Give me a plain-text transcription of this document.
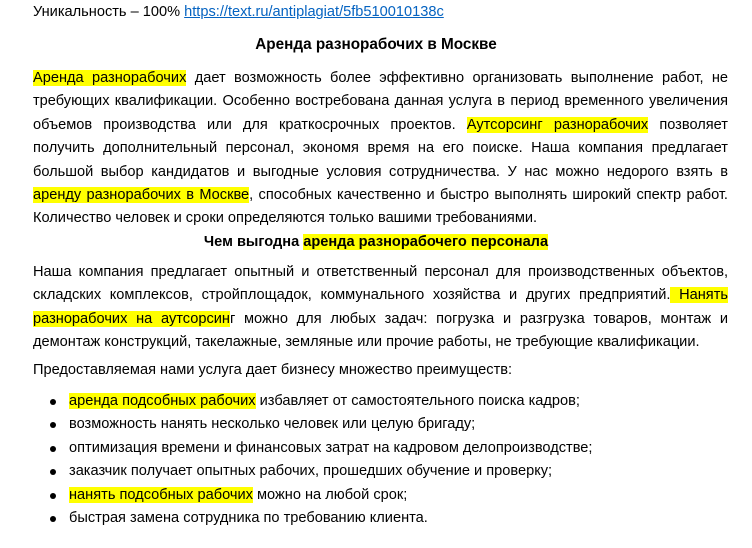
Уникальность – 100% https://text.ru/antiplagiat/5fb510010138c
Аренда разнорабочих в Москве
Аренда разнорабочих дает возможность более эффективно организовать выполнение работ, не требующих квалификации. Особенно востребована данная услуга в период временного увеличения объемов производства или для краткосрочных проектов. Аутсорсинг разнорабочих позволяет получить дополнительный персонал, экономя время на его поиске. Наша компания предлагает большой выбор кандидатов и выгодные условия сотрудничества. У нас можно недорого взять в аренду разнорабочих в Москве, способных качественно и быстро выполнять широкий спектр работ. Количество человек и сроки определяются только вашими требованиями.
Чем выгодна аренда разнорабочего персонала
Наша компания предлагает опытный и ответственный персонал для производственных объектов, складских комплексов, стройплощадок, коммунального хозяйства и других предприятий. Нанять разнорабочих на аутсорсинг можно для любых задач: погрузка и разгрузка товаров, монтаж и демонтаж конструкций, такелажные, земляные или прочие работы, не требующие квалификации.
Предоставляемая нами услуга дает бизнесу множество преимуществ:
аренда подсобных рабочих избавляет от самостоятельного поиска кадров;
возможность нанять несколько человек или целую бригаду;
оптимизация времени и финансовых затрат на кадровом делопроизводстве;
заказчик получает опытных рабочих, прошедших обучение и проверку;
нанять подсобных рабочих можно на любой срок;
быстрая замена сотрудника по требованию клиента.
